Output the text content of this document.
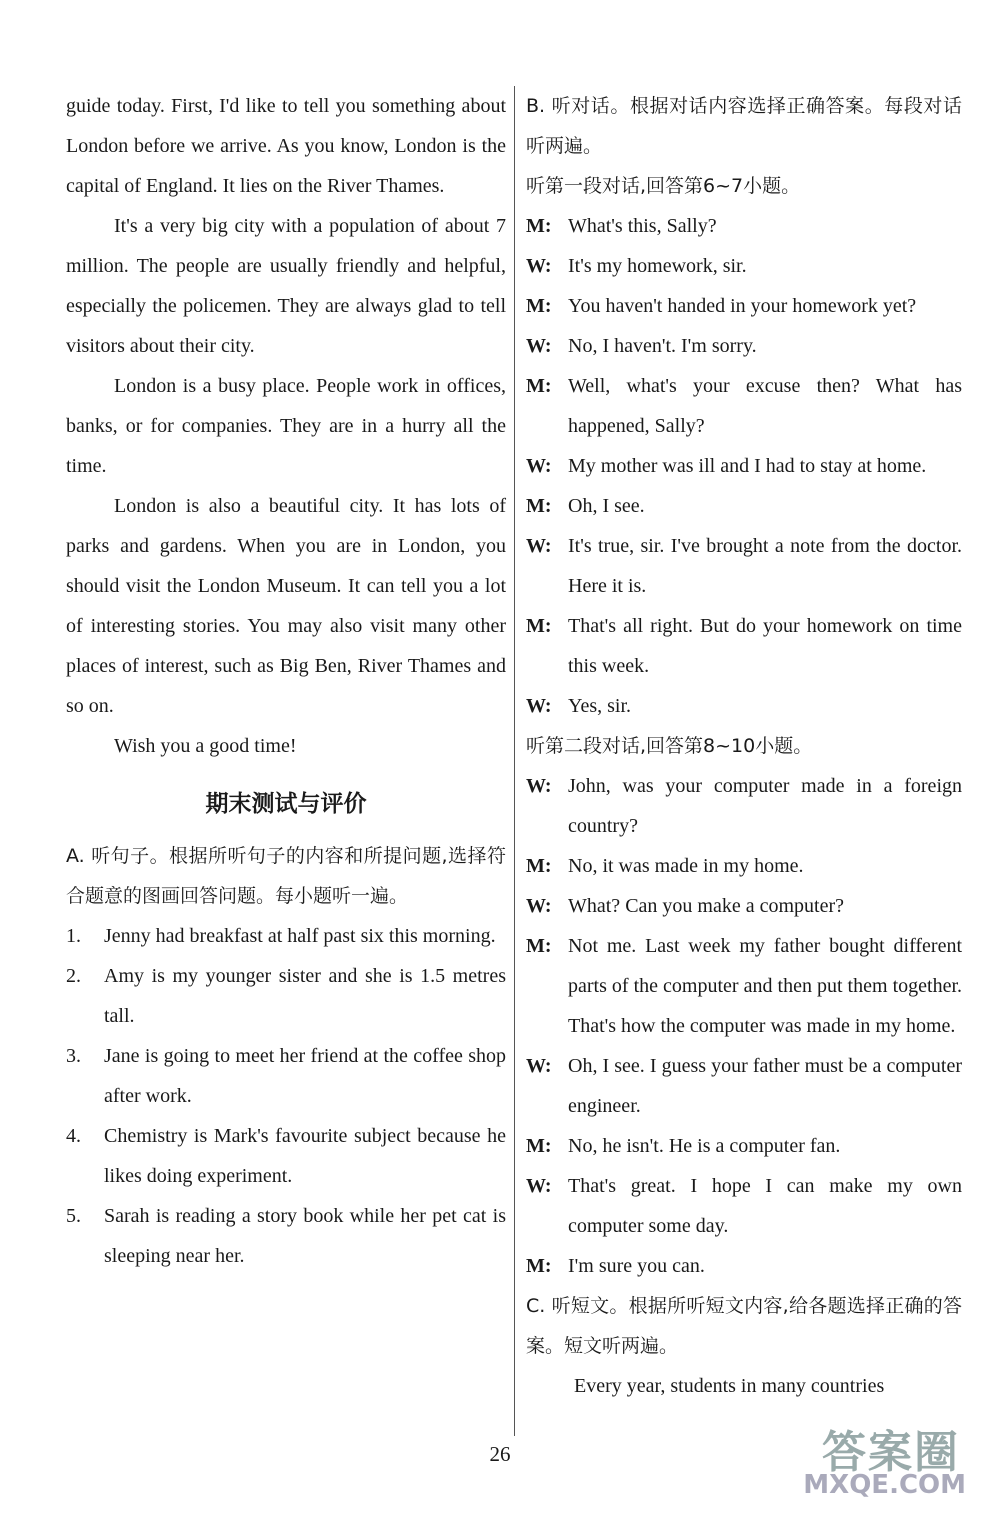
guide today. First, I'd like to tell you something about London before we arrive. As you know, London is the capital of England. It lies on the River Thames.

It's a very big city with a population of about 7 million. The people are usually friendly and helpful, especially the policemen. They are always glad to tell visitors about their city.

London is a busy place. People work in offices, banks, or for companies. They are in a hurry all the time.

London is also a beautiful city. It has lots of parks and gardens. When you are in London, you should visit the London Museum. It can tell you a lot of interesting stories. You may also visit many other places of interest, such as Big Ben, River Thames and so on.

Wish you a good time!

期末测试与评价

A. 听句子。根据所听句子的内容和所提问题,选择符合题意的图画回答问题。每小题听一遍。

1.	Jenny had breakfast at half past six this morning.

2.	Amy is my younger sister and she is 1.5 metres tall.

3.	Jane is going to meet her friend at the coffee shop after work.

4.	Chemistry is Mark's favourite subject because he likes doing experiment.

5.	Sarah is reading a story book while her pet cat is sleeping near her.

B. 听对话。根据对话内容选择正确答案。每段对话听两遍。

听第一段对话,回答第6~7小题。

M: What's this, Sally?

W: It's my homework, sir.

M: You haven't handed in your homework yet?

W: No, I haven't. I'm sorry.

M: Well, what's your excuse then? What has happened, Sally?

W: My mother was ill and I had to stay at home.

M: Oh, I see.

W: It's true, sir. I've brought a note from the doctor. Here it is.

M: That's all right. But do your homework on time this week.

W: Yes, sir.

听第二段对话,回答第8~10小题。

W: John, was your computer made in a foreign country?

M: No, it was made in my home.

W: What? Can you make a computer?

M: Not me. Last week my father bought different parts of the computer and then put them together. That's how the computer was made in my home.

W: Oh, I see. I guess your father must be a computer engineer.

M: No, he isn't. He is a computer fan.

W: That's great. I hope I can make my own computer some day.

M: I'm sure you can.

C. 听短文。根据所听短文内容,给各题选择正确的答案。短文听两遍。

Every year, students in many countries

26	答案圈
MXQE.COM
